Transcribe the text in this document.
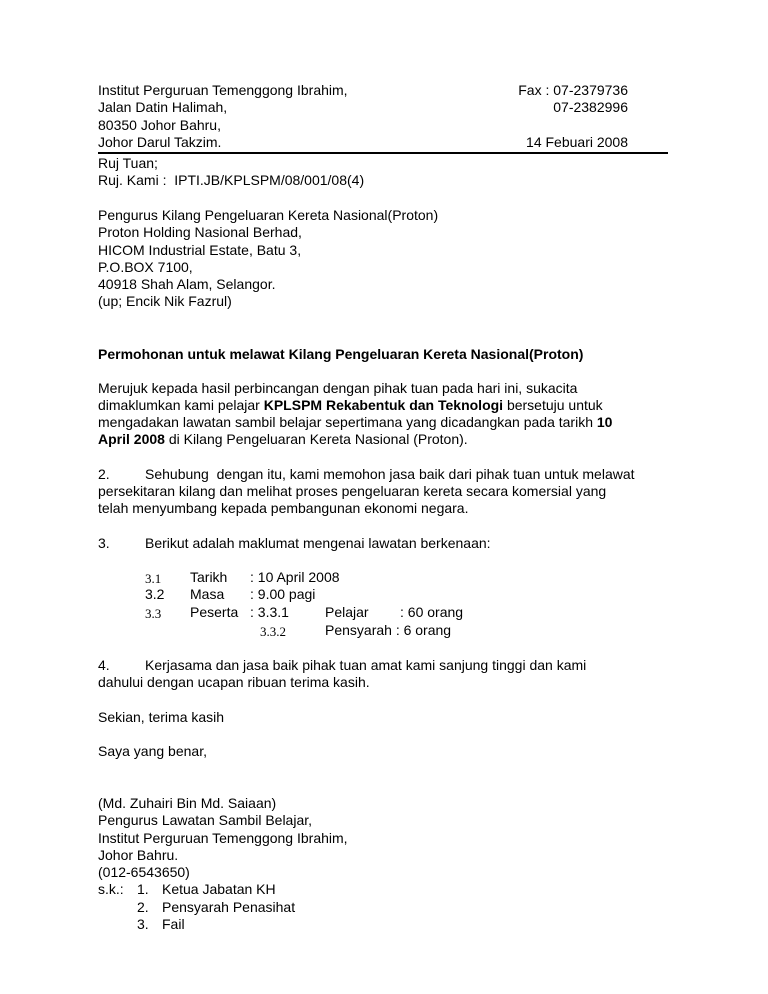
Institut Perguruan Temenggong Ibrahim,
Jalan Datin Halimah,
80350 Johor Bahru,
Johor Darul Takzim.
Fax : 07-2379736
07-2382996
14 Febuari 2008
Ruj Tuan;
Ruj. Kami :  IPTI.JB/KPLSPM/08/001/08(4)
Pengurus Kilang Pengeluaran Kereta Nasional(Proton)
Proton Holding Nasional Berhad,
HICOM Industrial Estate, Batu 3,
P.O.BOX 7100,
40918 Shah Alam, Selangor.
(up; Encik Nik Fazrul)
Permohonan untuk melawat Kilang Pengeluaran Kereta Nasional(Proton)
Merujuk kepada hasil perbincangan dengan pihak tuan pada hari ini, sukacita
dimaklumkan kami pelajar KPLSPM Rekabentuk dan Teknologi bersetuju untuk
mengadakan lawatan sambil belajar sepertimana yang dicadangkan pada tarikh 10
April 2008 di Kilang Pengeluaran Kereta Nasional (Proton).
2.	Sehubung  dengan itu, kami memohon jasa baik dari pihak tuan untuk melawat
persekitaran kilang dan melihat proses pengeluaran kereta secara komersial yang
telah menyumbang kepada pembangunan ekonomi negara.
3.	Berikut adalah maklumat mengenai lawatan berkenaan:
3.1 Tarikh : 10 April 2008
3.2 Masa : 9.00 pagi
3.3 Peserta : 3.3.1	Pelajar : 60 orang
3.3.2	Pensyarah : 6 orang
4.	Kerjasama dan jasa baik pihak tuan amat kami sanjung tinggi dan kami
dahului dengan ucapan ribuan terima kasih.
Sekian, terima kasih
Saya yang benar,
(Md. Zuhairi Bin Md. Saiaan)
Pengurus Lawatan Sambil Belajar,
Institut Perguruan Temenggong Ibrahim,
Johor Bahru.
(012-6543650)
s.k.: 1. Ketua Jabatan KH
2. Pensyarah Penasihat
3. Fail
